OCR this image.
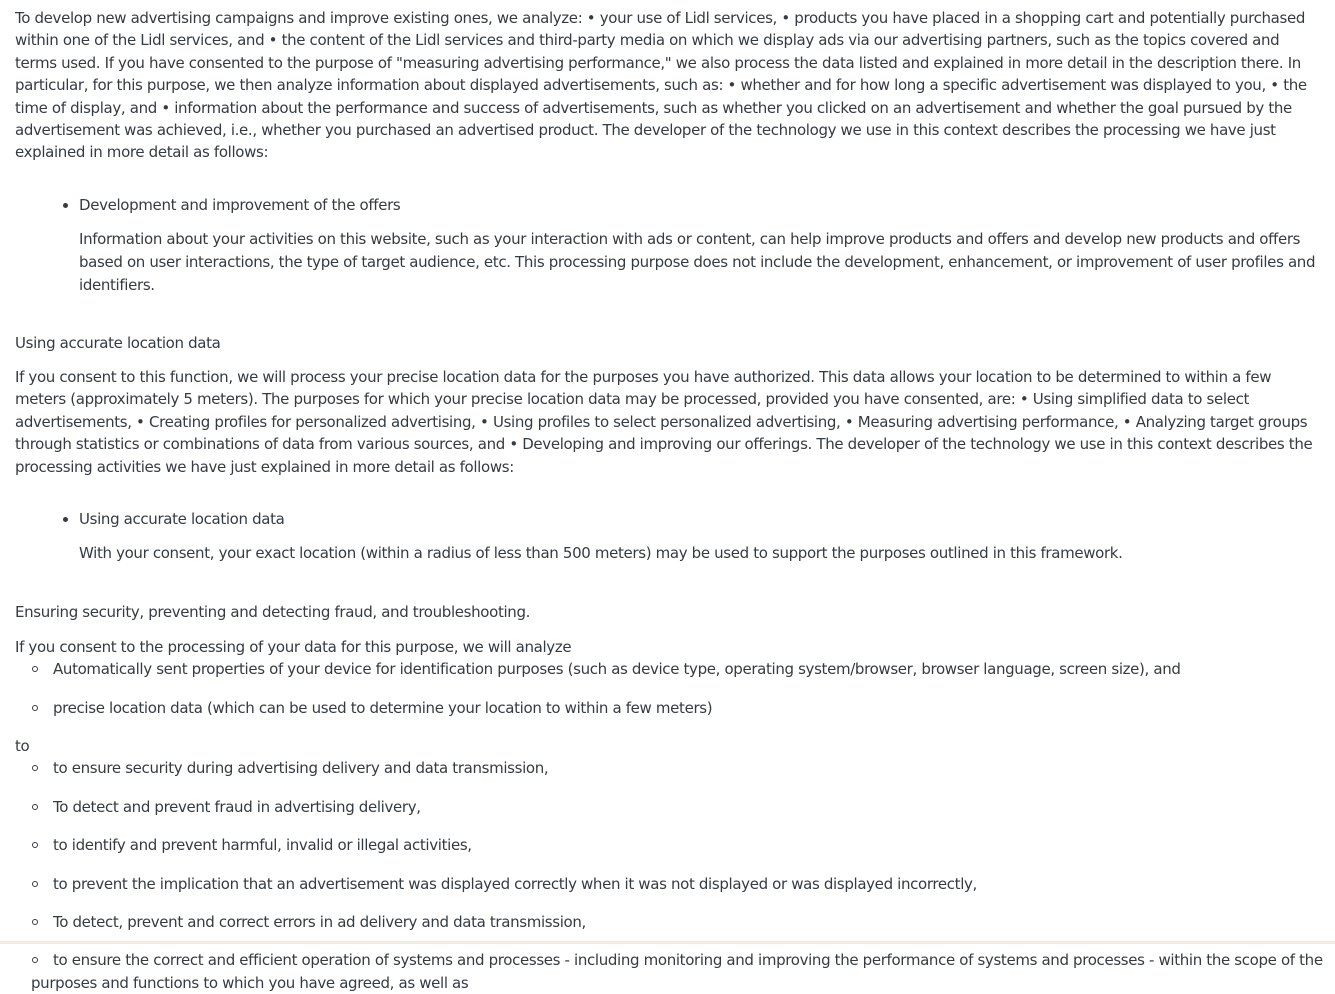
To develop new advertising campaigns and improve existing ones, we analyze: • your use of Lidl services, • products you have placed in a shopping cart and potentially purchased within one of the Lidl services, and • the content of the Lidl services and third-party media on which we display ads via our advertising partners, such as the topics covered and terms used. If you have consented to the purpose of "measuring advertising performance," we also process the data listed and explained in more detail in the description there. In particular, for this purpose, we then analyze information about displayed advertisements, such as: • whether and for how long a specific advertisement was displayed to you, • the time of display, and • information about the performance and success of advertisements, such as whether you clicked on an advertisement and whether the goal pursued by the advertisement was achieved, i.e., whether you purchased an advertised product. The developer of the technology we use in this context describes the processing we have just explained in more detail as follows:

Development and improvement of the offers
Information about your activities on this website, such as your interaction with ads or content, can help improve products and offers and develop new products and offers based on user interactions, the type of target audience, etc. This processing purpose does not include the development, enhancement, or improvement of user profiles and identifiers.
Using accurate location data

If you consent to this function, we will process your precise location data for the purposes you have authorized. This data allows your location to be determined to within a few meters (approximately 5 meters). The purposes for which your precise location data may be processed, provided you have consented, are: • Using simplified data to select advertisements, • Creating profiles for personalized advertising, • Using profiles to select personalized advertising, • Measuring advertising performance, • Analyzing target groups through statistics or combinations of data from various sources, and • Developing and improving our offerings. The developer of the technology we use in this context describes the processing activities we have just explained in more detail as follows:

Using accurate location data
With your consent, your exact location (within a radius of less than 500 meters) may be used to support the purposes outlined in this framework.
Ensuring security, preventing and detecting fraud, and troubleshooting.

If you consent to the processing of your data for this purpose, we will analyze

Automatically sent properties of your device for identification purposes (such as device type, operating system/browser, browser language, screen size), and
precise location data (which can be used to determine your location to within a few meters)
to
to ensure security during advertising delivery and data transmission,
To detect and prevent fraud in advertising delivery,
to identify and prevent harmful, invalid or illegal activities,
to prevent the implication that an advertisement was displayed correctly when it was not displayed or was displayed incorrectly,
To detect, prevent and correct errors in ad delivery and data transmission,
to ensure the correct and efficient operation of systems and processes - including monitoring and improving the performance of systems and processes - within the scope of the purposes and functions to which you have agreed, as well as
